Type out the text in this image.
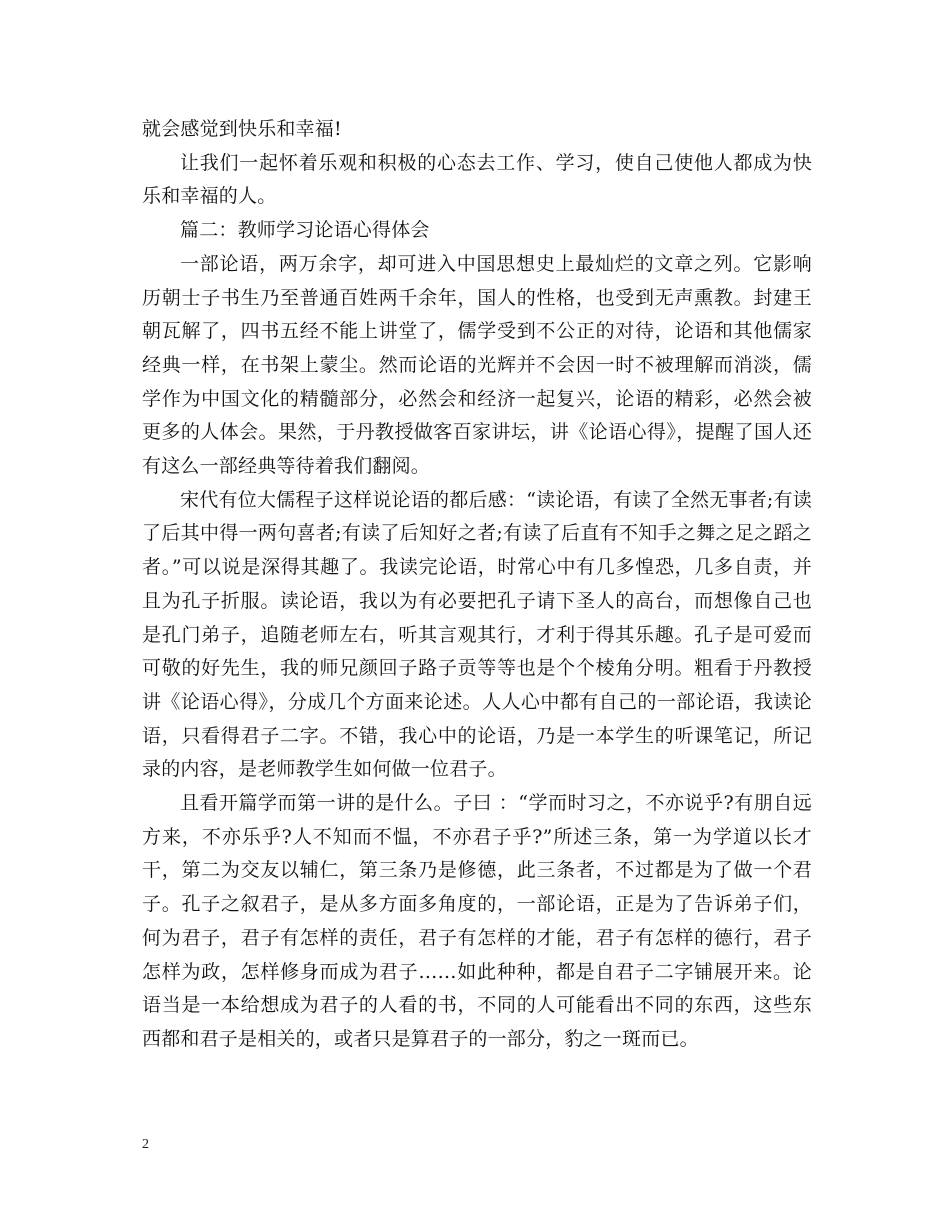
就会感觉到快乐和幸福!

让我们一起怀着乐观和积极的心态去工作、学习，使自己使他人都成为快乐和幸福的人。

篇二：教师学习论语心得体会

一部论语，两万余字，却可进入中国思想史上最灿烂的文章之列。它影响历朝士子书生乃至普通百姓两千余年，国人的性格，也受到无声熏教。封建王朝瓦解了，四书五经不能上讲堂了，儒学受到不公正的对待，论语和其他儒家经典一样，在书架上蒙尘。然而论语的光辉并不会因一时不被理解而消淡，儒学作为中国文化的精髓部分，必然会和经济一起复兴，论语的精彩，必然会被更多的人体会。果然，于丹教授做客百家讲坛，讲《论语心得》，提醒了国人还有这么一部经典等待着我们翻阅。

宋代有位大儒程子这样说论语的都后感：“读论语，有读了全然无事者;有读了后其中得一两句喜者;有读了后知好之者;有读了后直有不知手之舞之足之蹈之者。”可以说是深得其趣了。我读完论语，时常心中有几多惶恐，几多自责，并且为孔子折服。读论语，我以为有必要把孔子请下圣人的高台，而想像自己也是孔门弟子，追随老师左右，听其言观其行，才利于得其乐趣。孔子是可爱而可敬的好先生，我的师兄颜回子路子贡等等也是个个棱角分明。粗看于丹教授讲《论语心得》，分成几个方面来论述。人人心中都有自己的一部论语，我读论语，只看得君子二字。不错，我心中的论语，乃是一本学生的听课笔记，所记录的内容，是老师教学生如何做一位君子。

且看开篇学而第一讲的是什么。子曰 ：“学而时习之，不亦说乎?有朋自远方来，不亦乐乎?人不知而不愠，不亦君子乎?”所述三条，第一为学道以长才干，第二为交友以辅仁，第三条乃是修德，此三条者，不过都是为了做一个君子。孔子之叙君子，是从多方面多角度的，一部论语，正是为了告诉弟子们，何为君子，君子有怎样的责任，君子有怎样的才能，君子有怎样的德行，君子怎样为政，怎样修身而成为君子……如此种种，都是自君子二字铺展开来。论语当是一本给想成为君子的人看的书，不同的人可能看出不同的东西，这些东西都和君子是相关的，或者只是算君子的一部分，豹之一斑而已。

2
